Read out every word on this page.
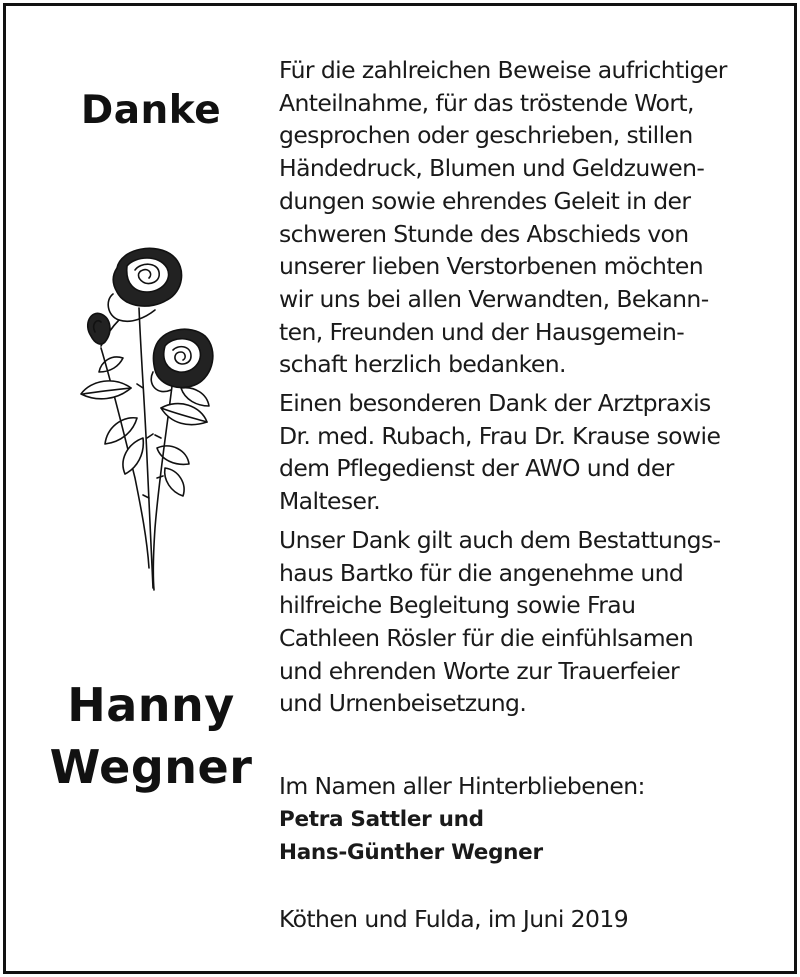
Danke
Hanny
Wegner

Für die zahlreichen Beweise aufrichtiger
Anteilnahme, für das tröstende Wort,
gesprochen oder geschrieben, stillen
Händedruck, Blumen und Geldzuwen-
dungen sowie ehrendes Geleit in der
schweren Stunde des Abschieds von
unserer lieben Verstorbenen möchten
wir uns bei allen Verwandten, Bekann-
ten, Freunden und der Hausgemein-
schaft herzlich bedanken.

Einen besonderen Dank der Arztpraxis
Dr. med. Rubach, Frau Dr. Krause sowie
dem Pflegedienst der AWO und der
Malteser.

Unser Dank gilt auch dem Bestattungs-
haus Bartko für die angenehme und
hilfreiche Begleitung sowie Frau
Cathleen Rösler für die einfühlsamen
und ehrenden Worte zur Trauerfeier
und Urnenbeisetzung.

Im Namen aller Hinterbliebenen:
Petra Sattler und
Hans-Günther Wegner
Köthen und Fulda, im Juni 2019
